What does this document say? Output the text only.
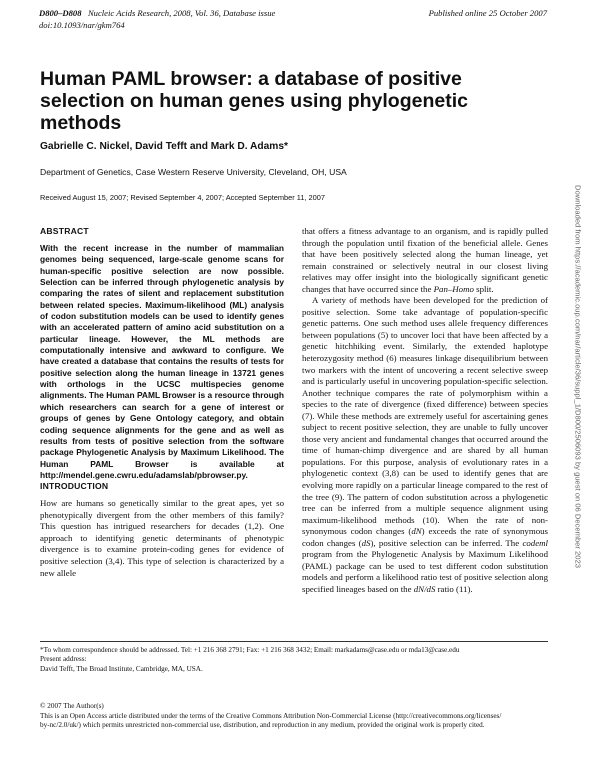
D800–D808 Nucleic Acids Research, 2008, Vol. 36, Database issue	Published online 25 October 2007
doi:10.1093/nar/gkm764
Human PAML browser: a database of positive selection on human genes using phylogenetic methods
Gabrielle C. Nickel, David Tefft and Mark D. Adams*
Department of Genetics, Case Western Reserve University, Cleveland, OH, USA
Received August 15, 2007; Revised September 4, 2007; Accepted September 11, 2007
ABSTRACT

With the recent increase in the number of mammalian genomes being sequenced, large-scale genome scans for human-specific positive selection are now possible. Selection can be inferred through phylogenetic analysis by comparing the rates of silent and replacement substitution between related species. Maximum-likelihood (ML) analysis of codon substitution models can be used to identify genes with an accelerated pattern of amino acid substitution on a particular lineage. However, the ML methods are computationally intensive and awkward to configure. We have created a database that contains the results of tests for positive selection along the human lineage in 13721 genes with orthologs in the UCSC multispecies genome alignments. The Human PAML Browser is a resource through which researchers can search for a gene of interest or groups of genes by Gene Ontology category, and obtain coding sequence alignments for the gene and as well as results from tests of positive selection from the software package Phylogenetic Analysis by Maximum Likelihood. The Human PAML Browser is available at http://mendel.gene.cwru.edu/adamslab/pbrowser.py.

INTRODUCTION

How are humans so genetically similar to the great apes, yet so phenotypically divergent from the other members of this family? This question has intrigued researchers for decades (1,2). One approach to identifying genetic determinants of phenotypic divergence is to examine protein-coding genes for evidence of positive selection (3,4). This type of selection is characterized by a new allele

that offers a fitness advantage to an organism, and is rapidly pulled through the population until fixation of the beneficial allele. Genes that have been positively selected along the human lineage, yet remain constrained or selectively neutral in our closest living relatives may offer insight into the biologically significant genetic changes that have occurred since the Pan–Homo split.

A variety of methods have been developed for the prediction of positive selection. Some take advantage of population-specific genetic patterns. One such method uses allele frequency differences between populations (5) to uncover loci that have been affected by a genetic hitchhiking event. Similarly, the extended haplotype heterozygosity method (6) measures linkage disequilibrium between two markers with the intent of uncovering a recent selective sweep and is particularly useful in uncovering population-specific selection. Another technique compares the rate of polymorphism within a species to the rate of divergence (fixed difference) between species (7). While these methods are extremely useful for ascertaining genes subject to recent positive selection, they are unable to fully uncover those very ancient and fundamental changes that occurred around the time of human-chimp divergence and are shared by all human populations. For this purpose, analysis of evolutionary rates in a phylogenetic context (3,8) can be used to identify genes that are evolving more rapidly on a particular lineage compared to the rest of the tree (9). The pattern of codon substitution across a phylogenetic tree can be inferred from a multiple sequence alignment using maximum-likelihood methods (10). When the rate of non-synonymous codon changes (dN) exceeds the rate of synonymous codon changes (dS), positive selection can be inferred. The codeml program from the Phylogenetic Analysis by Maximum Likelihood (PAML) package can be used to test different codon substitution models and perform a likelihood ratio test of positive selection along specified lineages based on the dN/dS ratio (11).

*To whom correspondence should be addressed. Tel: +1 216 368 2791; Fax: +1 216 368 3432; Email: markadams@case.edu or mda13@case.edu

Present address:

David Tefft, The Broad Institute, Cambridge, MA, USA.

© 2007 The Author(s)

This is an Open Access article distributed under the terms of the Creative Commons Attribution Non-Commercial License (http://creativecommons.org/licenses/

by-nc/2.0/uk/) which permits unrestricted non-commercial use, distribution, and reproduction in any medium, provided the original work is properly cited.

Downloaded from https://academic.oup.com/nar/article/36/suppl_1/D800/2506093 by guest on 06 December 2023
